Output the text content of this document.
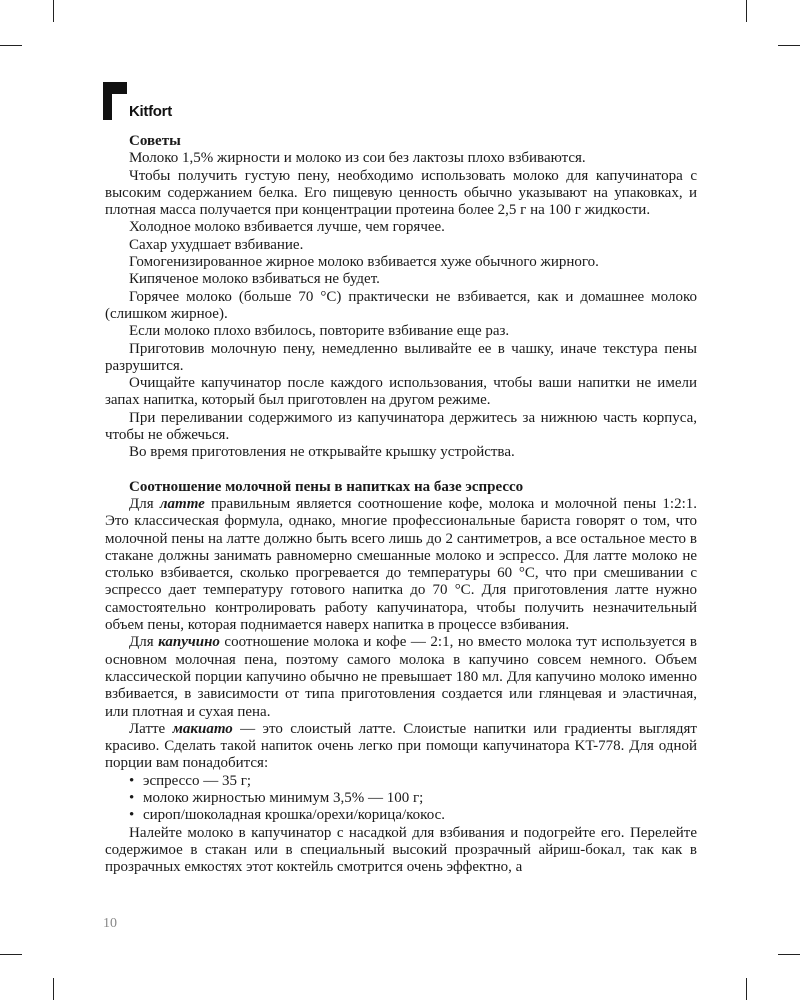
Kitfort
Советы

Молоко 1,5% жирности и молоко из сои без лактозы плохо взбиваются.

Чтобы получить густую пену, необходимо использовать молоко для капучинатора с высоким содержанием белка. Его пищевую ценность обычно указывают на упаковках, и плотная масса получается при концентрации протеина более 2,5 г на 100 г жидкости.

Холодное молоко взбивается лучше, чем горячее.

Сахар ухудшает взбивание.

Гомогенизированное жирное молоко взбивается хуже обычного жирного.

Кипяченое молоко взбиваться не будет.

Горячее молоко (больше 70 °С) практически не взбивается, как и домашнее молоко (слишком жирное).

Если молоко плохо взбилось, повторите взбивание еще раз.

Приготовив молочную пену, немедленно выливайте ее в чашку, иначе текстура пены разрушится.

Очищайте капучинатор после каждого использования, чтобы ваши напитки не имели запах напитка, который был приготовлен на другом режиме.

При переливании содержимого из капучинатора держитесь за нижнюю часть корпуса, чтобы не обжечься.

Во время приготовления не открывайте крышку устройства.

Соотношение молочной пены в напитках на базе эспрессо

Для латте правильным является соотношение кофе, молока и молочной пены 1:2:1. Это классическая формула, однако, многие профессиональные бариста говорят о том, что молочной пены на латте должно быть всего лишь до 2 сантиметров, а все остальное место в стакане должны занимать равномерно смешанные молоко и эспрессо. Для латте молоко не столько взбивается, сколько прогревается до температуры 60 °С, что при смешивании с эспрессо дает температуру готового напитка до 70 °С. Для приготовления латте нужно самостоятельно контролировать работу капучинатора, чтобы получить незначительный объем пены, которая поднимается наверх напитка в процессе взбивания.

Для капучино соотношение молока и кофе — 2:1, но вместо молока тут используется в основном молочная пена, поэтому самого молока в капучино совсем немного. Объем классической порции капучино обычно не превышает 180 мл. Для капучино молоко именно взбивается, в зависимости от типа приготовления создается или глянцевая и эластичная, или плотная и сухая пена.

Латте макиато — это слоистый латте. Слоистые напитки или градиенты выглядят красиво. Сделать такой напиток очень легко при помощи капучинатора KT-778. Для одной порции вам понадобится:

• эспрессо — 35 г;
• молоко жирностью минимум 3,5% — 100 г;
• сироп/шоколадная крошка/орехи/корица/кокос.

Налейте молоко в капучинатор с насадкой для взбивания и подогрейте его. Перелейте содержимое в стакан или в специальный высокий прозрачный айриш-бокал, так как в прозрачных емкостях этот коктейль смотрится очень эффектно, а

10
